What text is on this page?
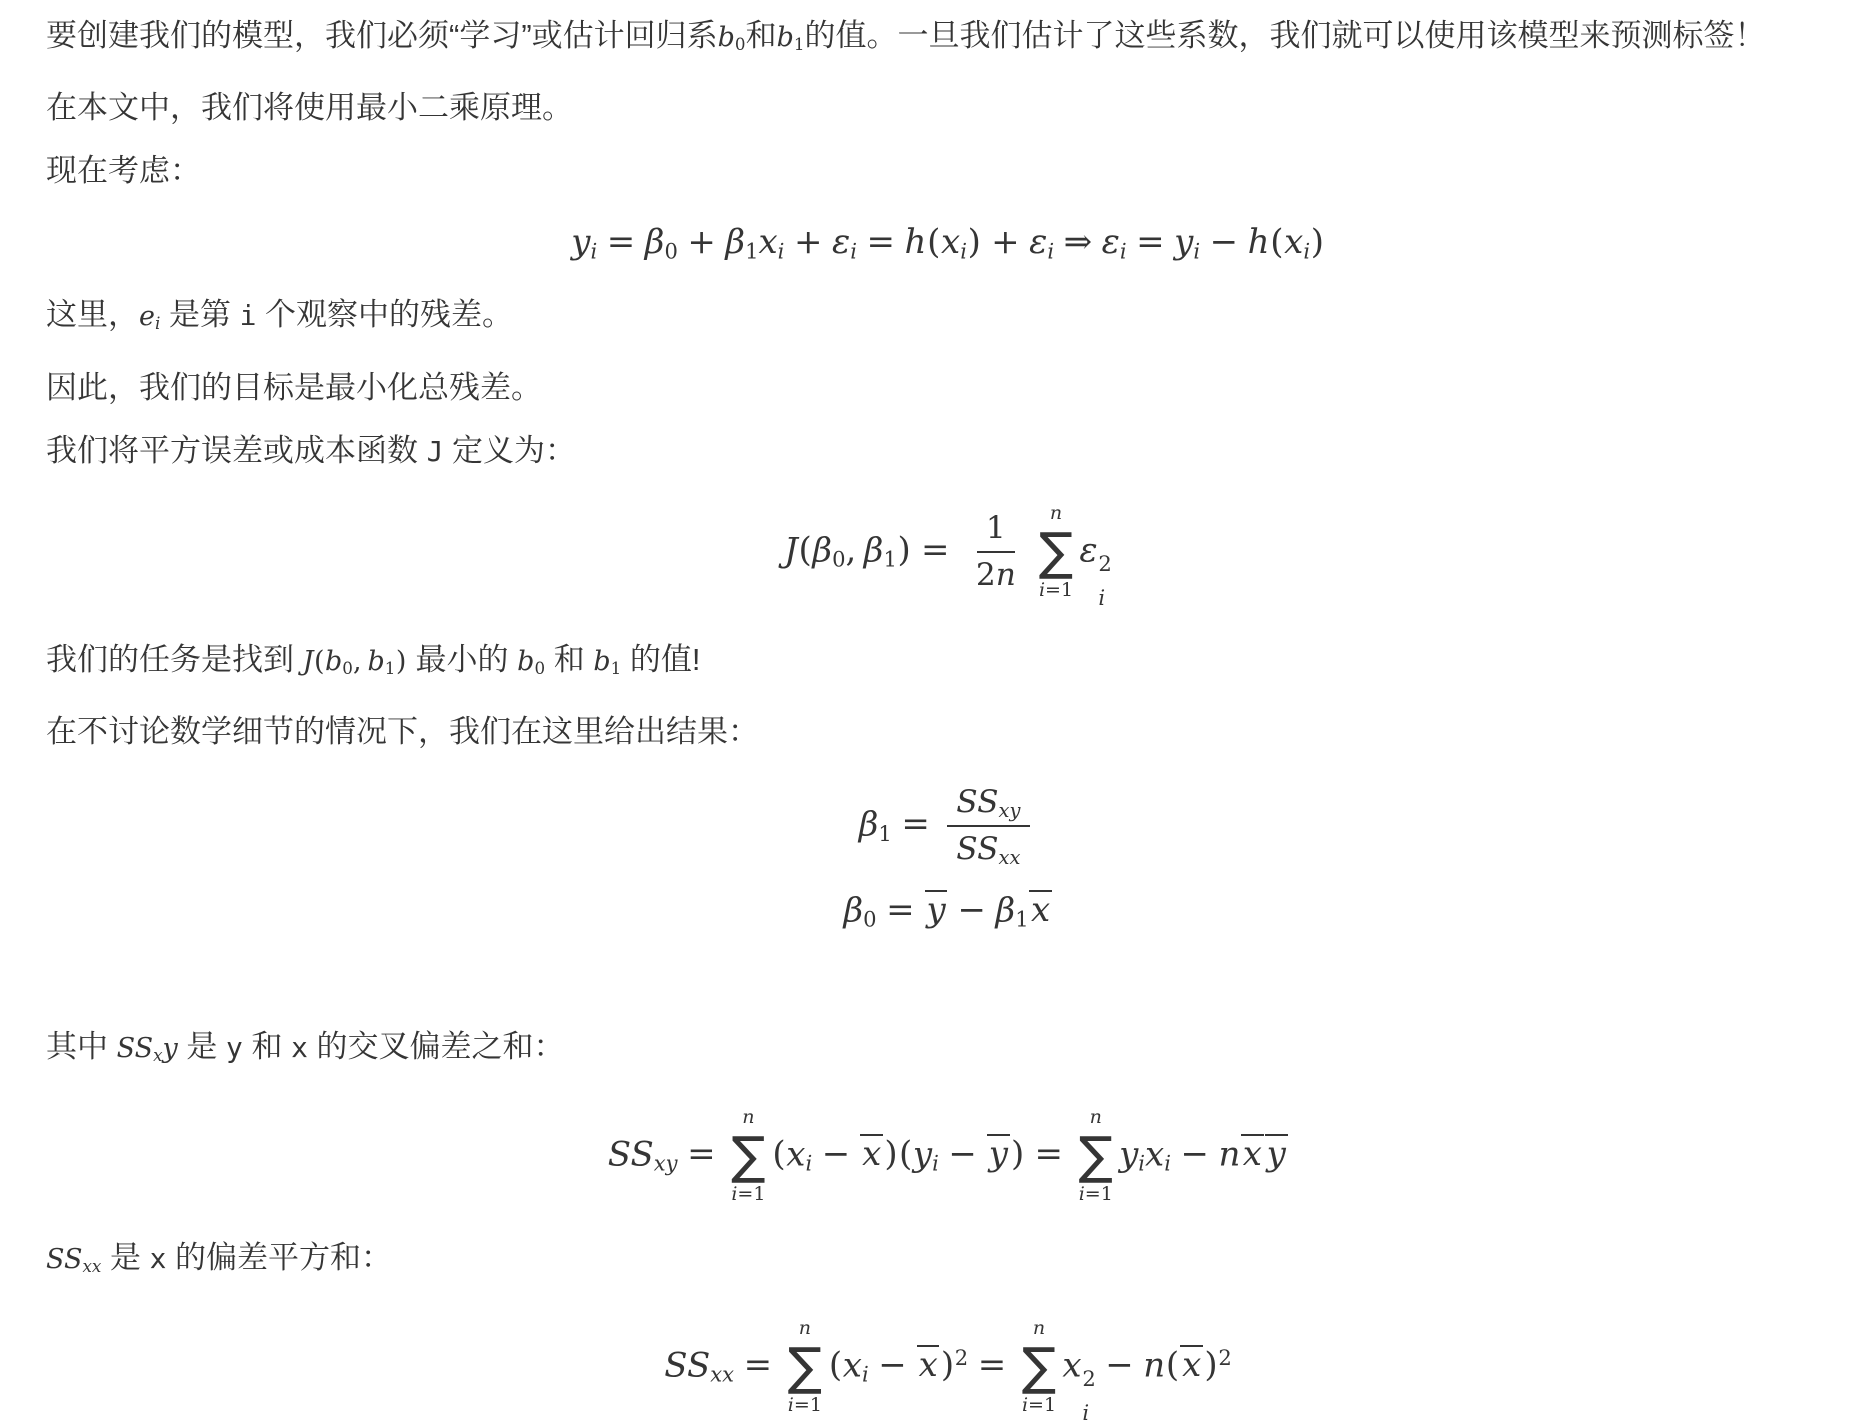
要创建我们的模型，我们必须“学习”或估计回归系b0和b1的值。一旦我们估计了这些系数，我们就可以使用该模型来预测标签！

在本文中，我们将使用最小二乘原理。

现在考虑：

yi = β0 + β1xi + εi = h(xi) + εi ⇒ εi = yi − h(xi)

这里，ei 是第 i 个观察中的残差。

因此，我们的目标是最小化总残差。

我们将平方误差或成本函数 J 定义为：

J(β0, $\beta 1) = \frac{1}{2n}$ n
∑
i=1
ε 2
i

我们的任务是找到 J(b0, b1) 最小的 b0 和 b1 的值!

在不讨论数学细节的情况下，我们在这里给出结果：

$\beta 1 = \frac{\text{SSxy}}{\text{SSxx}}$
β0 = y − β1x

其中 SSxy 是 y 和 x 的交叉偏差之和：

SSxy =
n
∑
i=1
(xi − x)(yi − y) =
n
∑
i=1
yixi − nx y

SSxx 是 x 的偏差平方和：

SSxx =
n
∑
i=1
(xi − x)$^2$ =
n
∑
i=1
x 2
i
− $n(x)^2$
